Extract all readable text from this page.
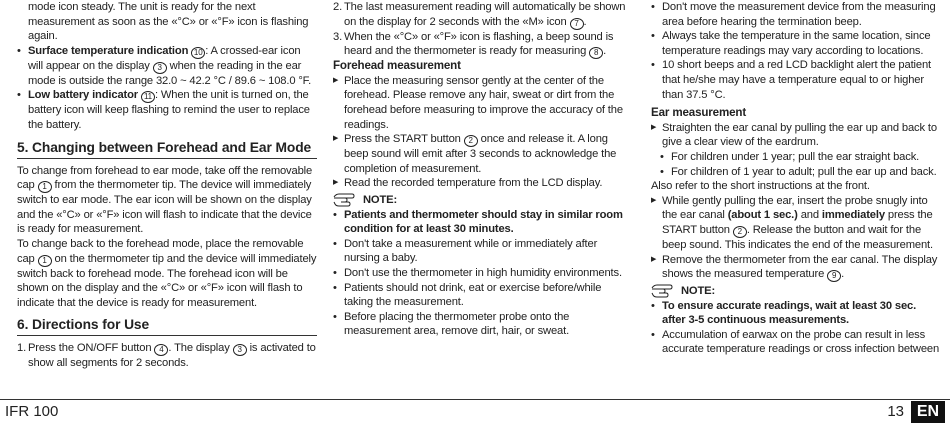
mode icon steady. The unit is ready for the next measurement as soon as the «°C» or «°F» icon is flashing again.

• Surface temperature indication 10 : A crossed-ear icon will appear on the display 3 when the reading in the ear mode is outside the range 32.0 ~ 42.2 °C / 89.6 ~ 108.0 °F.

• Low battery indicator 11 : When the unit is turned on, the battery icon will keep flashing to remind the user to replace the battery.

5. Changing between Forehead and Ear Mode

To change from forehead to ear mode, take off the removable cap 1 from the thermometer tip. The device will immediately switch to ear mode. The ear icon will be shown on the display and the «°C» or «°F» icon will flash to indicate that the device is ready for measurement.

To change back to the forehead mode, place the removable cap 1 on the thermometer tip and the device will immediately switch back to forehead mode. The forehead icon will be shown on the display and the «°C» or «°F» icon will flash to indicate that the device is ready for measurement.

6. Directions for Use

1. Press the ON/OFF button 4 . The display 3 is activated to show all segments for 2 seconds.

2. The last measurement reading will automatically be shown on the display for 2 seconds with the «M» icon 7 .

3. When the «°C» or «°F» icon is flashing, a beep sound is heard and the thermometer is ready for measuring 8 .

Forehead measurement

▶ Place the measuring sensor gently at the center of the forehead. Please remove any hair, sweat or dirt from the forehead before measuring to improve the accuracy of the readings.

▶ Press the START button 2 once and release it. A long beep sound will emit after 3 seconds to acknowledge the completion of measurement.

▶ Read the recorded temperature from the LCD display.

NOTE:

• Patients and thermometer should stay in similar room condition for at least 30 minutes.

• Don't take a measurement while or immediately after nursing a baby.

• Don't use the thermometer in high humidity environments.

• Patients should not drink, eat or exercise before/while taking the measurement.

• Before placing the thermometer probe onto the measurement area, remove dirt, hair, or sweat.

• Don't move the measurement device from the measuring area before hearing the termination beep.

• Always take the temperature in the same location, since temperature readings may vary according to locations.

• 10 short beeps and a red LCD backlight alert the patient that he/she may have a temperature equal to or higher than 37.5 °C.

Ear measurement

▶ Straighten the ear canal by pulling the ear up and back to give a clear view of the eardrum.

• For children under 1 year; pull the ear straight back.

• For children of 1 year to adult; pull the ear up and back.

Also refer to the short instructions at the front.

▶ While gently pulling the ear, insert the probe snugly into the ear canal (about 1 sec.) and immediately press the START button 2 . Release the button and wait for the beep sound. This indicates the end of the measurement.

▶ Remove the thermometer from the ear canal. The display shows the measured temperature 9 .

NOTE:

• To ensure accurate readings, wait at least 30 sec. after 3-5 continuous measurements.

• Accumulation of earwax on the probe can result in less accurate temperature readings or cross infection between

IFR 100	13 EN
